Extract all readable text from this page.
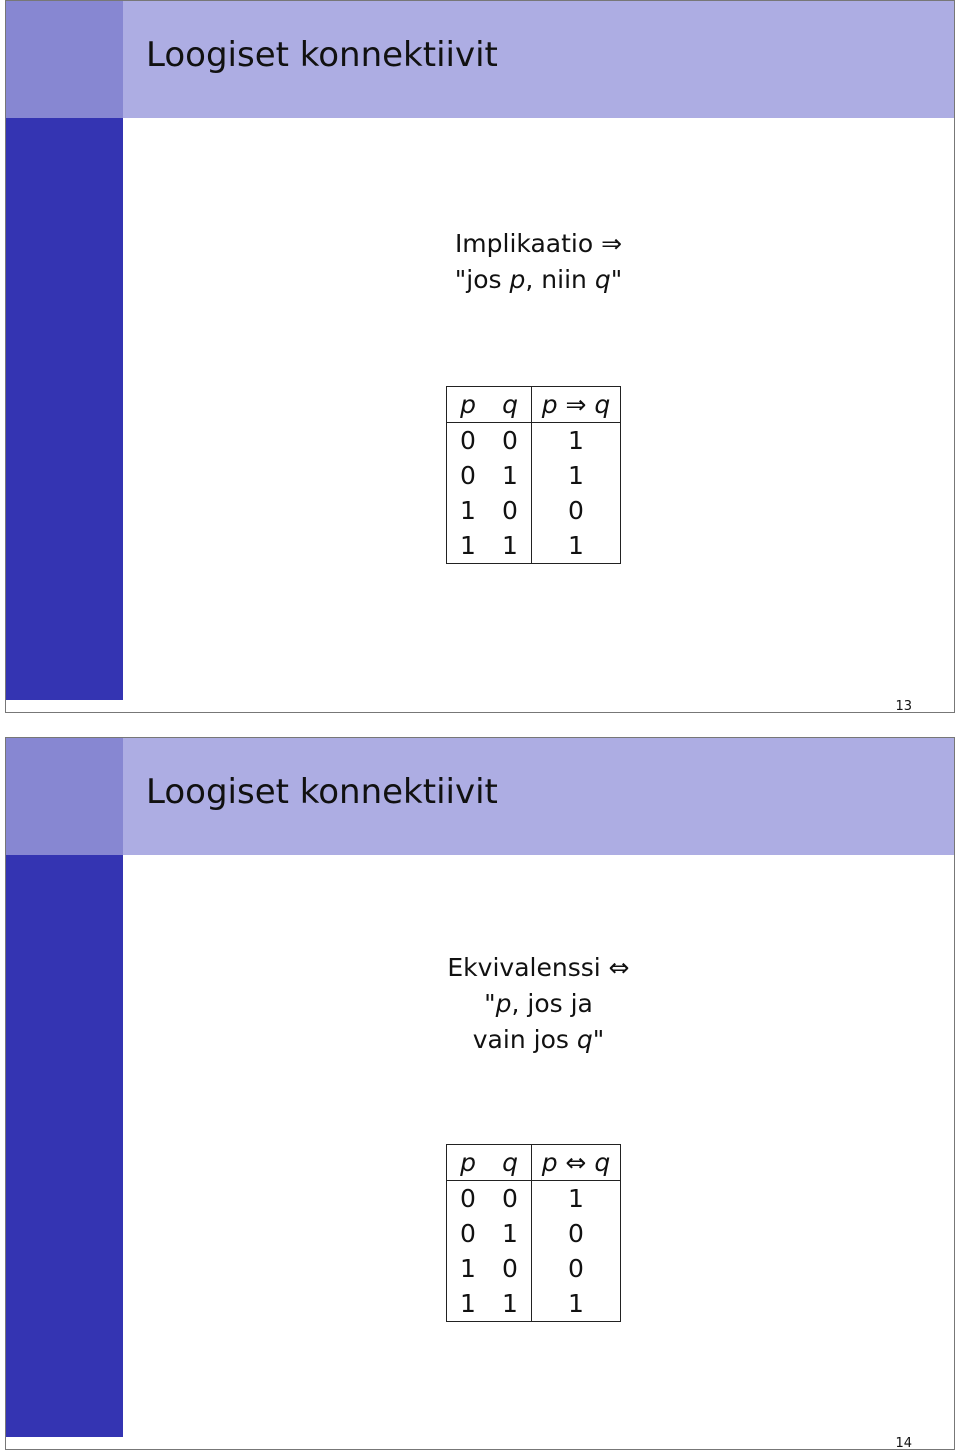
Loogiset konnektiivit
Implikaatio ⇒
"jos p, niin q"
p	q	p ⇒ q
0	0	1
0	1	1
1	0	0
1	1	1
13
Loogiset konnektiivit
Ekvivalenssi ⇔
"p, jos ja
vain jos q"
p	q	p ⇔ q
0	0	1
0	1	0
1	0	0
1	1	1
14
